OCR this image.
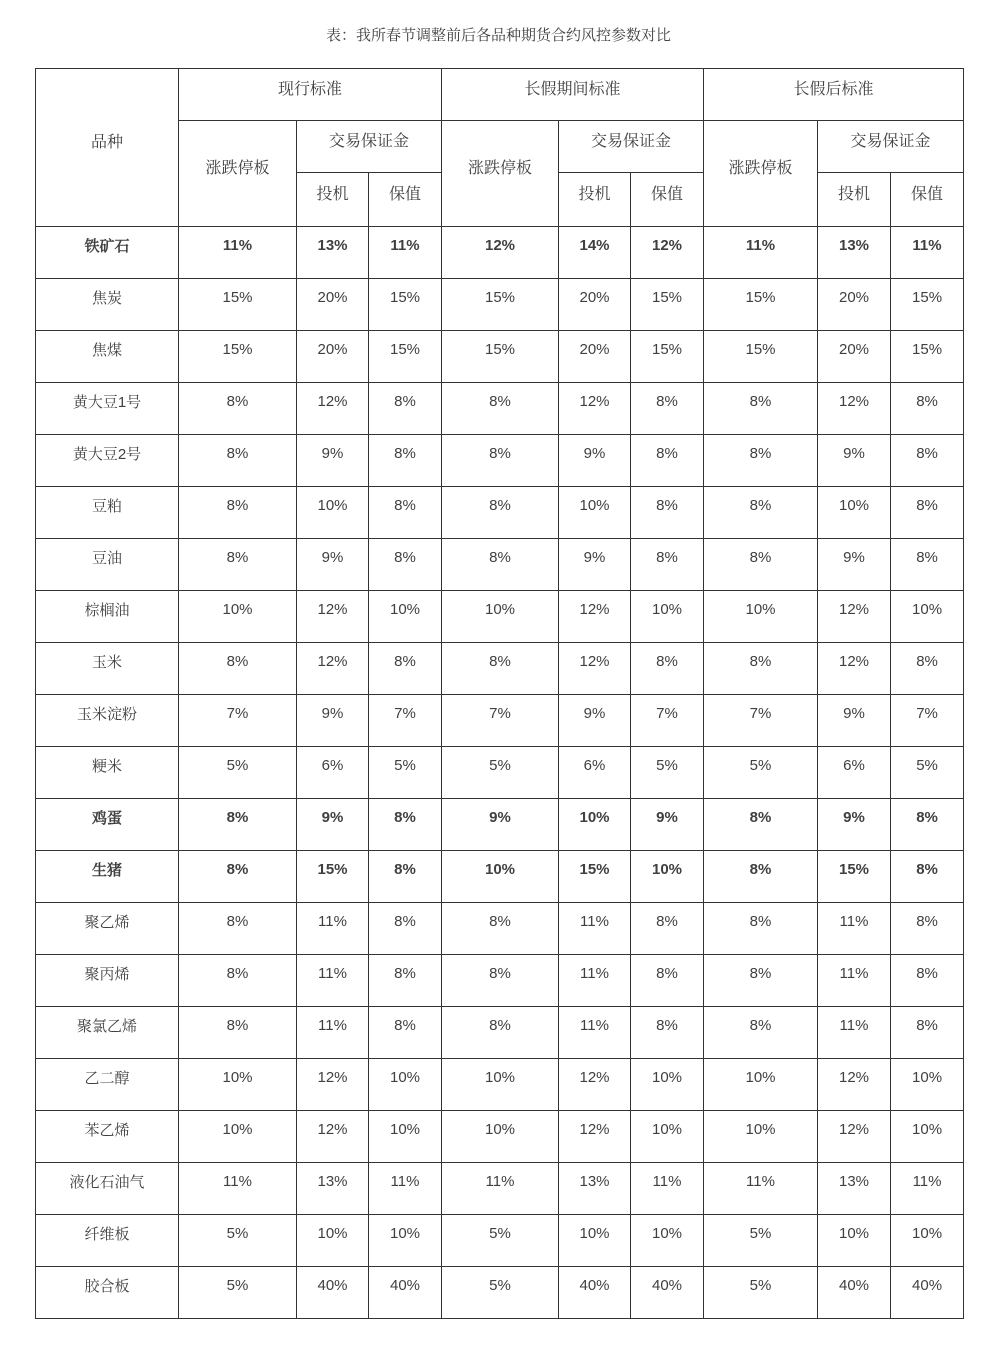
表：我所春节调整前后各品种期货合约风控参数对比
品种	现行标准			长假期间标准			长假后标准		
	涨跌停板	交易保证金		涨跌停板	交易保证金		涨跌停板	交易保证金	
		投机	保值		投机	保值		投机	保值
铁矿石	11%	13%	11%	12%	14%	12%	11%	13%	11%
焦炭	15%	20%	15%	15%	20%	15%	15%	20%	15%
焦煤	15%	20%	15%	15%	20%	15%	15%	20%	15%
黄大豆1号	8%	12%	8%	8%	12%	8%	8%	12%	8%
黄大豆2号	8%	9%	8%	8%	9%	8%	8%	9%	8%
豆粕	8%	10%	8%	8%	10%	8%	8%	10%	8%
豆油	8%	9%	8%	8%	9%	8%	8%	9%	8%
棕榈油	10%	12%	10%	10%	12%	10%	10%	12%	10%
玉米	8%	12%	8%	8%	12%	8%	8%	12%	8%
玉米淀粉	7%	9%	7%	7%	9%	7%	7%	9%	7%
粳米	5%	6%	5%	5%	6%	5%	5%	6%	5%
鸡蛋	8%	9%	8%	9%	10%	9%	8%	9%	8%
生猪	8%	15%	8%	10%	15%	10%	8%	15%	8%
聚乙烯	8%	11%	8%	8%	11%	8%	8%	11%	8%
聚丙烯	8%	11%	8%	8%	11%	8%	8%	11%	8%
聚氯乙烯	8%	11%	8%	8%	11%	8%	8%	11%	8%
乙二醇	10%	12%	10%	10%	12%	10%	10%	12%	10%
苯乙烯	10%	12%	10%	10%	12%	10%	10%	12%	10%
液化石油气	11%	13%	11%	11%	13%	11%	11%	13%	11%
纤维板	5%	10%	10%	5%	10%	10%	5%	10%	10%
胶合板	5%	40%	40%	5%	40%	40%	5%	40%	40%
